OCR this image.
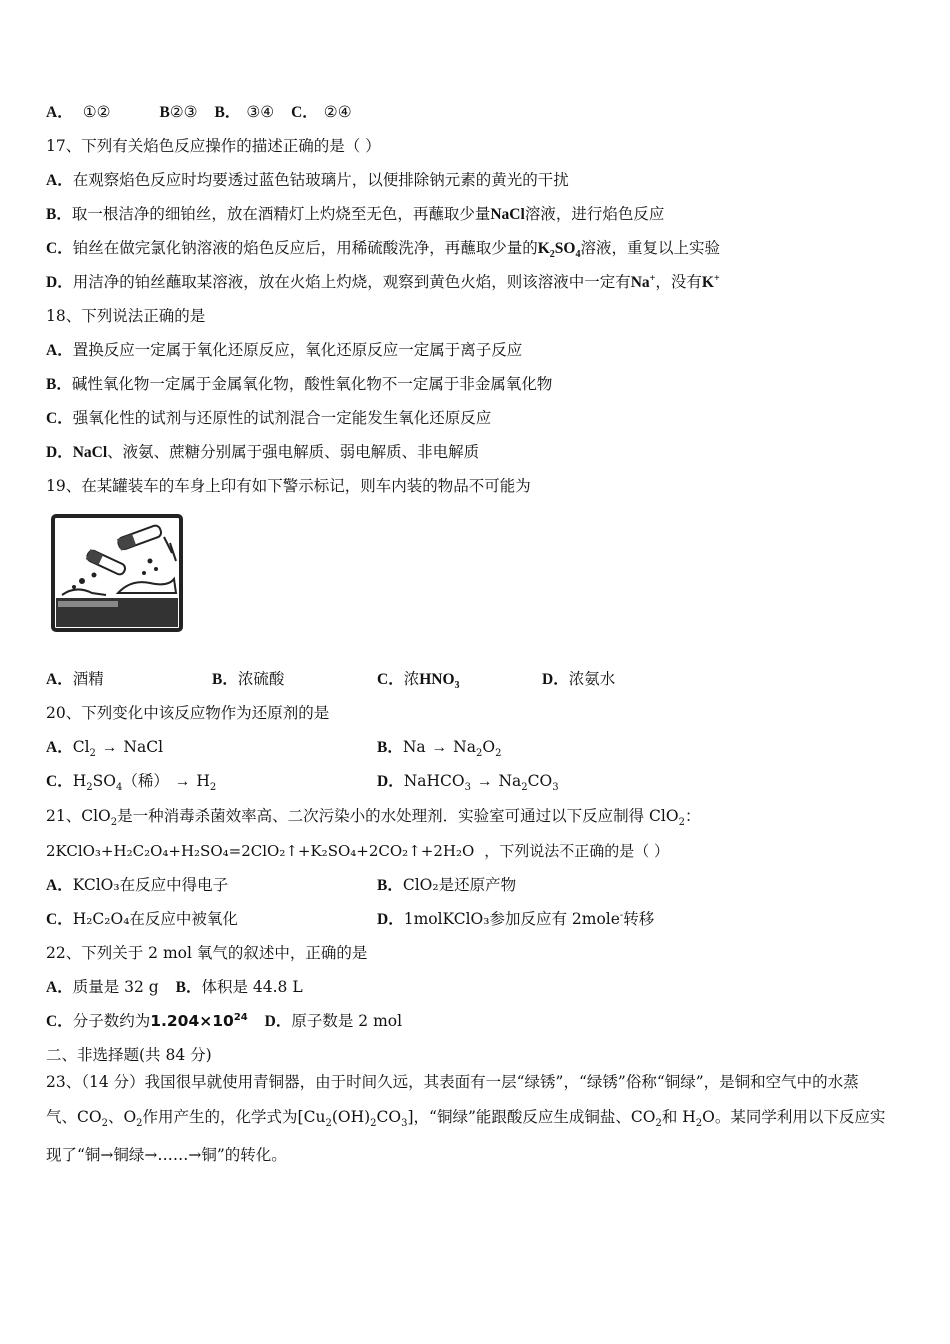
A． ①②	B②③ B． ③④ C． ②④
17、下列有关焰色反应操作的描述正确的是（ ）
A．在观察焰色反应时均要透过蓝色钴玻璃片，以便排除钠元素的黄光的干扰
B．取一根洁净的细铂丝，放在酒精灯上灼烧至无色，再蘸取少量NaCl溶液，进行焰色反应
C．铂丝在做完氯化钠溶液的焰色反应后，用稀硫酸洗净，再蘸取少量的$K_2SO_4$溶液，重复以上实验
D．用洁净的铂丝蘸取某溶液，放在火焰上灼烧，观察到黄色火焰，则该溶液中一定有Na+，没有K+
18、下列说法正确的是
A．置换反应一定属于氧化还原反应，氧化还原反应一定属于离子反应
B．碱性氧化物一定属于金属氧化物，酸性氧化物不一定属于非金属氧化物
C．强氧化性的试剂与还原性的试剂混合一定能发生氧化还原反应
D．NaCl、液氨、蔗糖分别属于强电解质、弱电解质、非电解质
19、在某罐装车的车身上印有如下警示标记，则车内装的物品不可能为
A．酒精	B．浓硫酸	C．浓$HNO_3$	D．浓氨水
20、下列变化中该反应物作为还原剂的是
A．$Cl_2$ → NaCl	B．$Na \to Na_2O_2$
C．$H_2SO_4$（稀） → $H_2$	D．NaHCO$_3$ → $Na_2CO_3$
21、ClO$_2$是一种消毒杀菌效率高、二次污染小的水处理剂．实验室可通过以下反应制得 ClO$_2$：
2KClO₃+H₂C₂O₄+H₂SO₄=2ClO₂↑+K₂SO₄+2CO₂↑+2H₂O ，下列说法不正确的是（ ）
A．KClO₃在反应中得电子	B．ClO₂是还原产物
C．H₂C₂O₄在反应中被氧化	D．1molKClO₃参加反应有 2mole-转移
22、下列关于 2 mol 氧气的叙述中，正确的是
A．质量是 32 g B．体积是 44.8 L
C．分子数约为$1.204\times 10^{24}$ D．原子数是 2 mol
二、非选择题(共 84 分)
23、（14 分）我国很早就使用青铜器，由于时间久远，其表面有一层“绿锈”，“绿锈”俗称“铜绿”，是铜和空气中的水蒸
气、$CO_2$、$O_2$作用产生的，化学式为$[Cu_2(OH)_2CO_3]$，“铜绿”能跟酸反应生成铜盐、$CO_2$和 $H_2O$。某同学利用以下反应实
现了“铜→铜绿→……→铜”的转化。
